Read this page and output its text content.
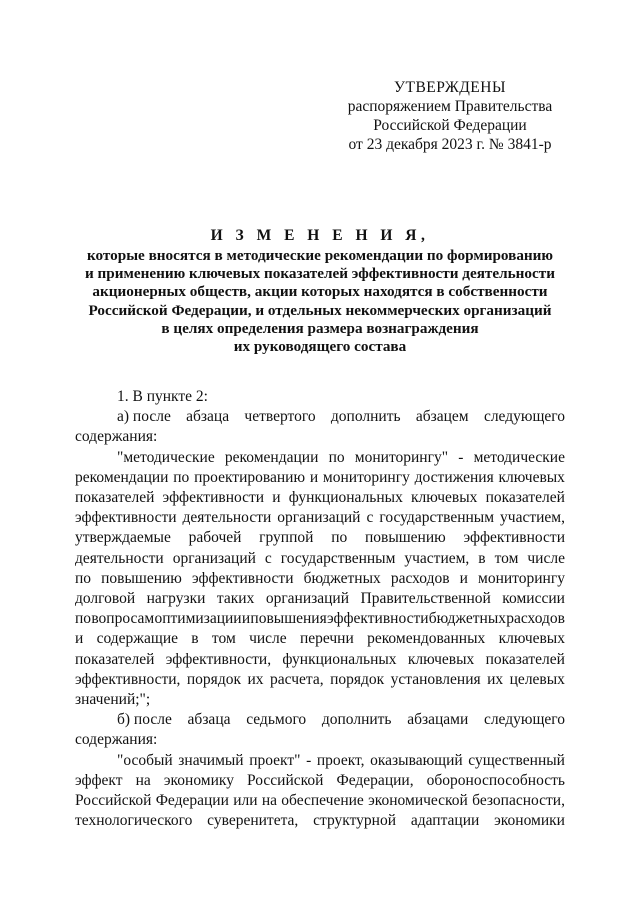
УТВЕРЖДЕНЫ
распоряжением Правительства
Российской Федерации
от 23 декабря 2023 г. № 3841-р
И З М Е Н Е Н И Я,
которые вносятся в методические рекомендации по формированию
и применению ключевых показателей эффективности деятельности
акционерных обществ, акции которых находятся в собственности
Российской Федерации, и отдельных некоммерческих организаций
в целях определения размера вознаграждения
их руководящего состава
1. В пункте 2:
а) после абзаца четвертого дополнить абзацем следующего
содержания:
"методические рекомендации по мониторингу" - методические
рекомендации по проектированию и мониторингу достижения ключевых
показателей эффективности и функциональных ключевых показателей
эффективности деятельности организаций с государственным участием,
утверждаемые рабочей группой по повышению эффективности
деятельности организаций с государственным участием, в том числе
по повышению эффективности бюджетных расходов и мониторингу
долговой нагрузки таких организаций Правительственной комиссии
по вопросам оптимизации и повышения эффективности бюджетных расходов
и содержащие в том числе перечни рекомендованных ключевых
показателей эффективности, функциональных ключевых показателей
эффективности, порядок их расчета, порядок установления их целевых
значений;";
б) после абзаца седьмого дополнить абзацами следующего
содержания:
"особый значимый проект" - проект, оказывающий существенный
эффект на экономику Российской Федерации, обороноспособность
Российской Федерации или на обеспечение экономической безопасности,
технологического суверенитета, структурной адаптации экономики
